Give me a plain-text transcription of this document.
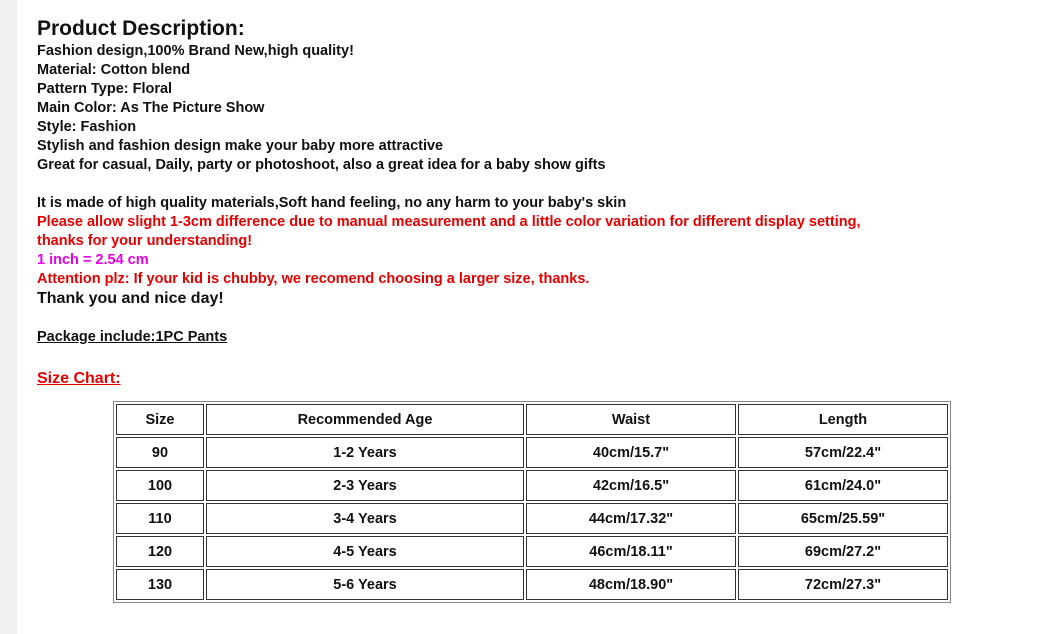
Product Description:
Fashion design,100% Brand New,high quality!
Material: Cotton blend
Pattern Type: Floral
Main Color: As The Picture Show
Style: Fashion
Stylish and fashion design make your baby more attractive
Great for casual, Daily, party or photoshoot, also a great idea for a baby show gifts
It is made of high quality materials,Soft hand feeling, no any harm to your baby's skin
Please allow slight 1-3cm difference due to manual measurement and a little color variation for different display setting,
thanks for your understanding!
1 inch = 2.54 cm
Attention plz: If your kid is chubby, we recomend choosing a larger size, thanks.
Thank you and nice day!
Package include:1PC Pants
Size Chart:
Size	Recommended Age	Waist	Length
90	1-2 Years	40cm/15.7"	57cm/22.4"
100	2-3 Years	42cm/16.5"	61cm/24.0"
110	3-4 Years	44cm/17.32"	65cm/25.59"
120	4-5 Years	46cm/18.11"	69cm/27.2"
130	5-6 Years	48cm/18.90"	72cm/27.3"
